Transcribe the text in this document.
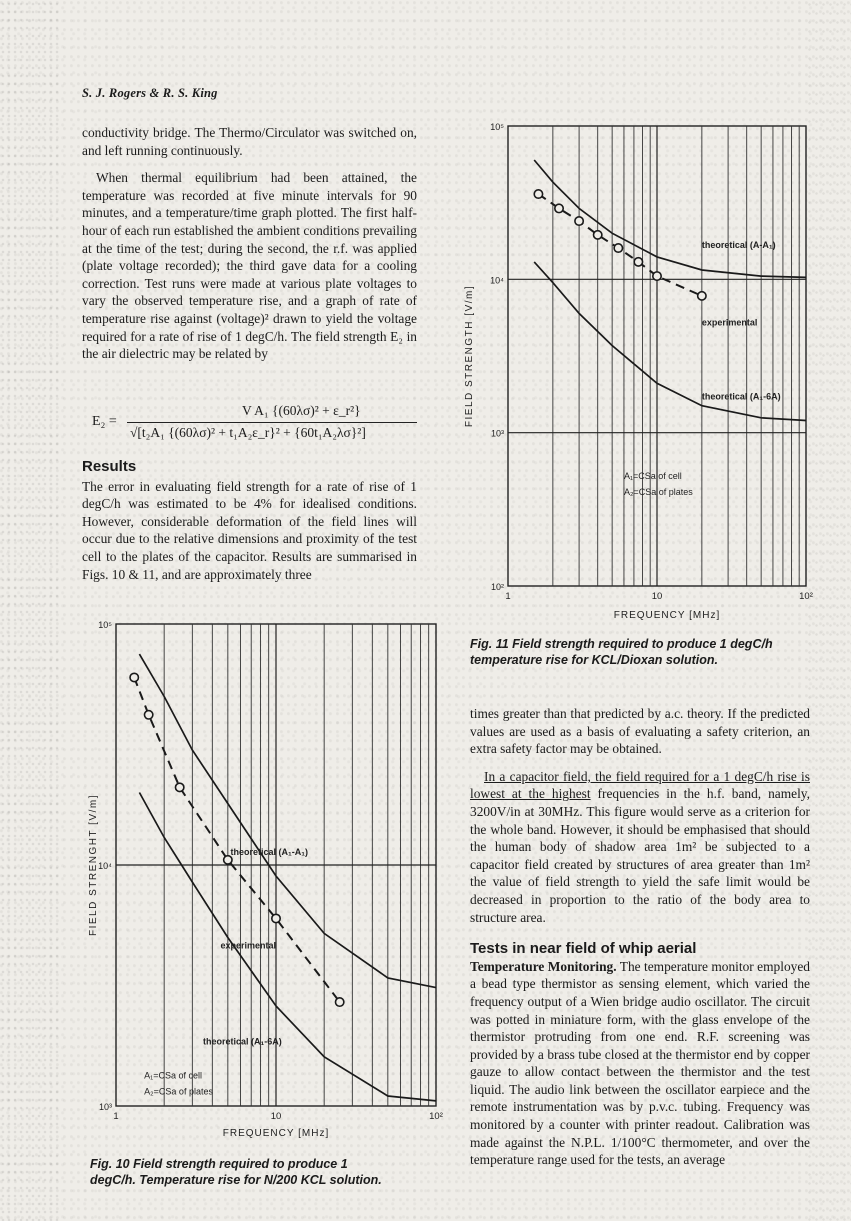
S. J. Rogers & R. S. King

conductivity bridge. The Thermo/Circulator was switched on, and left running continuously.

When thermal equilibrium had been attained, the temperature was recorded at five minute intervals for 90 minutes, and a temperature/time graph plotted. The first half-hour of each run established the ambient conditions prevailing at the time of the test; during the second, the r.f. was applied (plate voltage recorded); the third gave data for a cooling correction. Test runs were made at various plate voltages to vary the observed temperature rise, and a graph of rate of temperature rise against (voltage)² drawn to yield the voltage required for a rate of rise of 1 degC/h. The field strength E₂ in the air dielectric may be related by

E₂ =
V A₁ {(60λσ)² + ε_r²}
√[t₂A₁ {(60λσ)² + t₁A₂ε_r}² + {60t₁A₂λσ}²]

Results

The error in evaluating field strength for a rate of rise of 1 degC/h was estimated to be 4% for idealised conditions. However, considerable deformation of the field lines will occur due to the relative dimensions and proximity of the test cell to the plates of the capacitor. Results are summarised in Figs. 10 & 11, and are approximately three

times greater than that predicted by a.c. theory. If the predicted values are used as a basis of evaluating a safety criterion, an extra safety factor may be obtained.

In a capacitor field, the field required for a 1 degC/h rise is lowest at the highest frequencies in the h.f. band, namely, 3200V/in at 30MHz. This figure would serve as a criterion for the whole band. However, it should be emphasised that should the human body of shadow area 1m² be subjected to a capacitor field created by structures of area greater than 1m² the value of field strength to yield the safe limit would be decreased in proportion to the ratio of the body area to structure area.

Tests in near field of whip aerial

Temperature Monitoring. The temperature monitor employed a bead type thermistor as sensing element, which varied the frequency output of a Wien bridge audio oscillator. The circuit was potted in miniature form, with the glass envelope of the thermistor protruding from one end. R.F. screening was provided by a brass tube closed at the thermistor end by copper gauze to allow contact between the thermistor and the test liquid. The audio link between the oscillator earpiece and the remote instrumentation was by p.v.c. tubing. Frequency was monitored by a counter with printer readout. Calibration was made against the N.P.L. 1/100°C thermometer, and over the temperature range used for the tests, an average

10²
10³
10⁴
10⁵
1	10	10²
FREQUENCY [MHz]
FIELD STRENGTH [V/m]
theoretical (A-A₁)
experimental
theoretical (A₁-6A)
A₁=CSa of cell
A₂=CSa of plates
Fig. 11 Field strength required to produce 1 degC/h temperature rise for KCL/Dioxan solution.
10³
10⁴
10⁵
1	10	10²
FREQUENCY [MHz]
FIELD STRENGHT [V/m]	theoretical (A₁-A₁)
experimental
theoretical (A₁-6A)
A₁=CSa of cell
A₂=CSa of plates
Fig. 10 Field strength required to produce 1 degC/h. Temperature rise for N/200 KCL solution.
